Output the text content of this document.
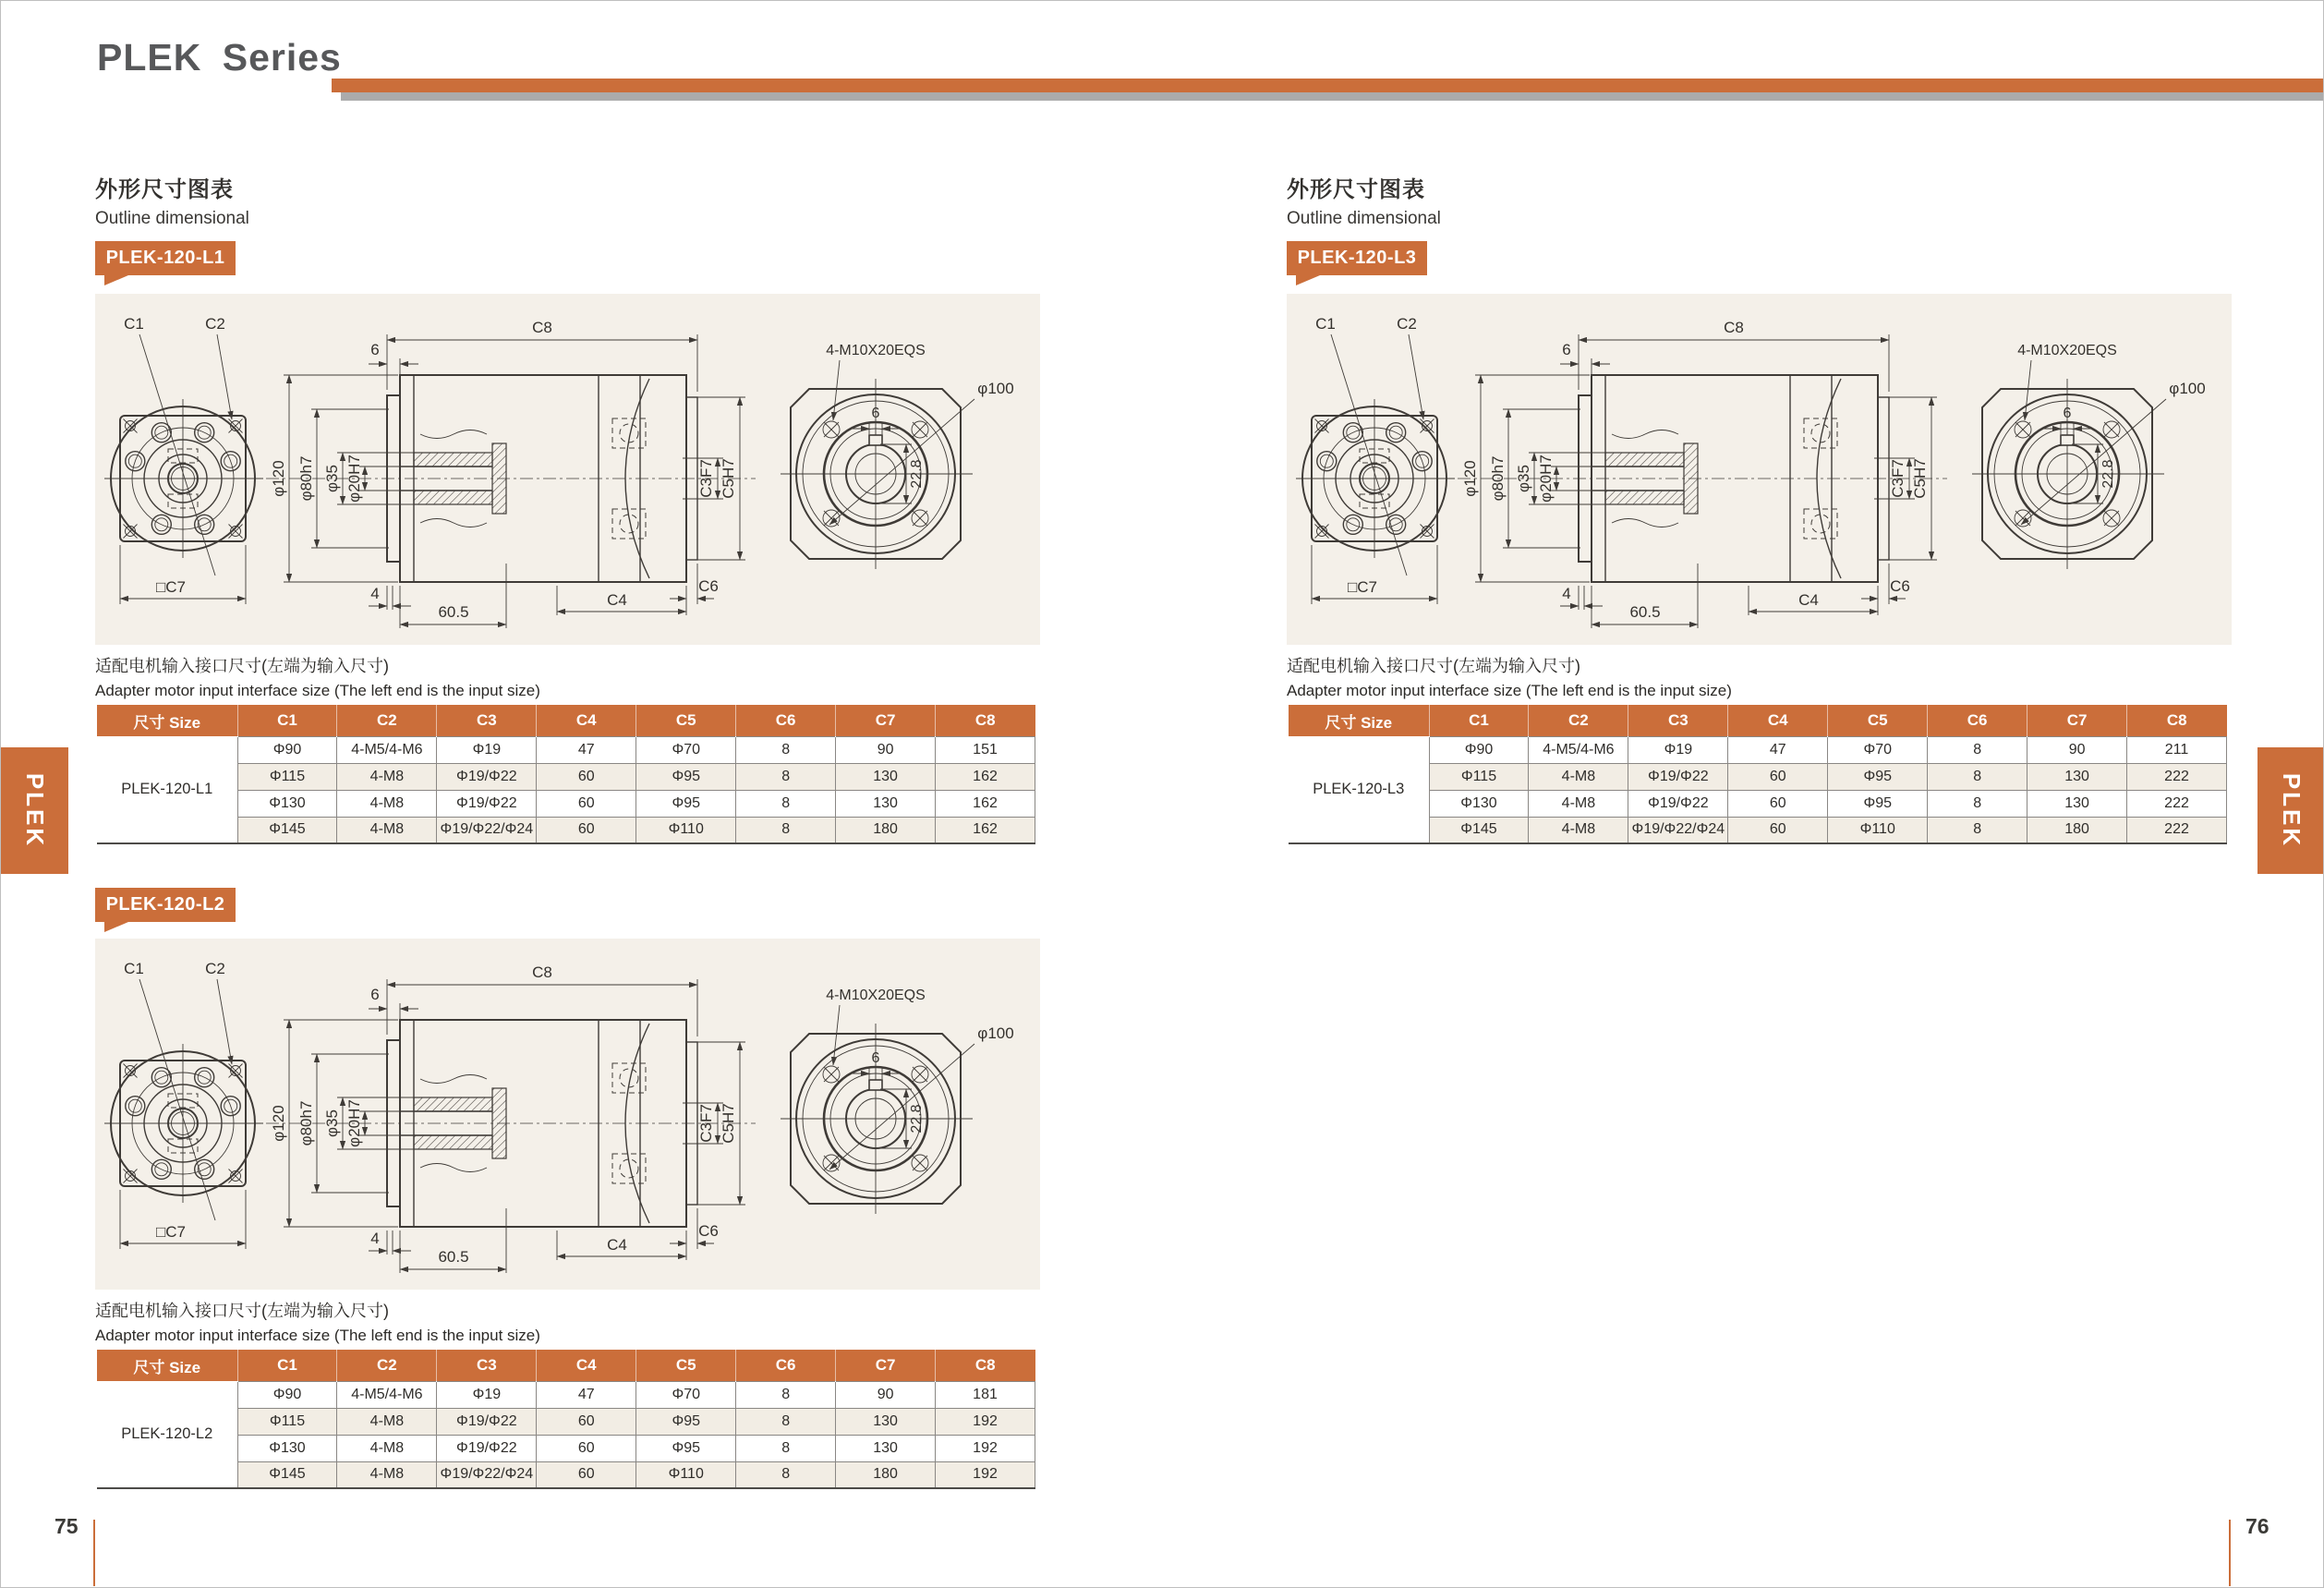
PLEK Series
外形尺寸图表
Outline dimensional
外形尺寸图表
Outline dimensional
PLEK-120-L1
PLEK-120-L2
PLEK-120-L3
C1	C2
□C7
C8
6
φ120 φ80h7 φ35 φ20H7
4
60.5
C4
C6
C3F7 C5H7
4-M10X20EQS
φ100
6
22.8
C1	C2
□C7
C8
6
φ120 φ80h7 φ35 φ20H7
4
60.5
C4
C6
C3F7 C5H7
4-M10X20EQS
φ100
6
22.8
C1	C2
□C7
C8
6
φ120 φ80h7 φ35 φ20H7
4
60.5
C4
C6
C3F7 C5H7
4-M10X20EQS
φ100
6
22.8
适配电机输入接口尺寸(左端为输入尺寸)
Adapter motor input interface size (The left end is the input size)
适配电机输入接口尺寸(左端为输入尺寸)
Adapter motor input interface size (The left end is the input size)
适配电机输入接口尺寸(左端为输入尺寸)
Adapter motor input interface size (The left end is the input size)
尺寸 Size	C1	C2	C3	C4	C5	C6	C7	C8
PLEK-120-L1	Φ90	4-M5/4-M6	Φ19	47	Φ70	8	90	151
	Φ115	4-M8	Φ19/Φ22	60	Φ95	8	130	162
	Φ130	4-M8	Φ19/Φ22	60	Φ95	8	130	162
	Φ145	4-M8	Φ19/Φ22/Φ24	60	Φ110	8	180	162
尺寸 Size	C1	C2	C3	C4	C5	C6	C7	C8
PLEK-120-L2	Φ90	4-M5/4-M6	Φ19	47	Φ70	8	90	181
	Φ115	4-M8	Φ19/Φ22	60	Φ95	8	130	192
	Φ130	4-M8	Φ19/Φ22	60	Φ95	8	130	192
	Φ145	4-M8	Φ19/Φ22/Φ24	60	Φ110	8	180	192
尺寸 Size	C1	C2	C3	C4	C5	C6	C7	C8
PLEK-120-L3	Φ90	4-M5/4-M6	Φ19	47	Φ70	8	90	211
	Φ115	4-M8	Φ19/Φ22	60	Φ95	8	130	222
	Φ130	4-M8	Φ19/Φ22	60	Φ95	8	130	222
	Φ145	4-M8	Φ19/Φ22/Φ24	60	Φ110	8	180	222
PLEK	PLEK
75	76
